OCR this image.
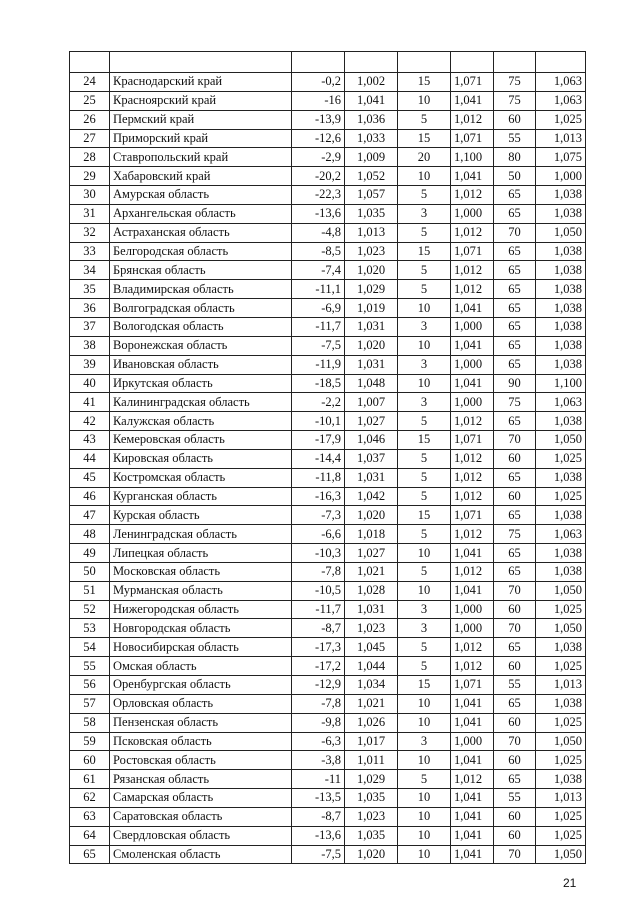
24	Краснодарский край	-0,2	1,002	15	1,071	75	1,063
25	Красноярский край	-16	1,041	10	1,041	75	1,063
26	Пермский край	-13,9	1,036	5	1,012	60	1,025
27	Приморский край	-12,6	1,033	15	1,071	55	1,013
28	Ставропольский край	-2,9	1,009	20	1,100	80	1,075
29	Хабаровский край	-20,2	1,052	10	1,041	50	1,000
30	Амурская область	-22,3	1,057	5	1,012	65	1,038
31	Архангельская область	-13,6	1,035	3	1,000	65	1,038
32	Астраханская область	-4,8	1,013	5	1,012	70	1,050
33	Белгородская область	-8,5	1,023	15	1,071	65	1,038
34	Брянская область	-7,4	1,020	5	1,012	65	1,038
35	Владимирская область	-11,1	1,029	5	1,012	65	1,038
36	Волгоградская область	-6,9	1,019	10	1,041	65	1,038
37	Вологодская область	-11,7	1,031	3	1,000	65	1,038
38	Воронежская область	-7,5	1,020	10	1,041	65	1,038
39	Ивановская область	-11,9	1,031	3	1,000	65	1,038
40	Иркутская область	-18,5	1,048	10	1,041	90	1,100
41	Калининградская область	-2,2	1,007	3	1,000	75	1,063
42	Калужская область	-10,1	1,027	5	1,012	65	1,038
43	Кемеровская область	-17,9	1,046	15	1,071	70	1,050
44	Кировская область	-14,4	1,037	5	1,012	60	1,025
45	Костромская область	-11,8	1,031	5	1,012	65	1,038
46	Курганская область	-16,3	1,042	5	1,012	60	1,025
47	Курская область	-7,3	1,020	15	1,071	65	1,038
48	Ленинградская область	-6,6	1,018	5	1,012	75	1,063
49	Липецкая область	-10,3	1,027	10	1,041	65	1,038
50	Московская область	-7,8	1,021	5	1,012	65	1,038
51	Мурманская область	-10,5	1,028	10	1,041	70	1,050
52	Нижегородская область	-11,7	1,031	3	1,000	60	1,025
53	Новгородская область	-8,7	1,023	3	1,000	70	1,050
54	Новосибирская область	-17,3	1,045	5	1,012	65	1,038
55	Омская область	-17,2	1,044	5	1,012	60	1,025
56	Оренбургская область	-12,9	1,034	15	1,071	55	1,013
57	Орловская область	-7,8	1,021	10	1,041	65	1,038
58	Пензенская область	-9,8	1,026	10	1,041	60	1,025
59	Псковская область	-6,3	1,017	3	1,000	70	1,050
60	Ростовская область	-3,8	1,011	10	1,041	60	1,025
61	Рязанская область	-11	1,029	5	1,012	65	1,038
62	Самарская область	-13,5	1,035	10	1,041	55	1,013
63	Саратовская область	-8,7	1,023	10	1,041	60	1,025
64	Свердловская область	-13,6	1,035	10	1,041	60	1,025
65	Смоленская область	-7,5	1,020	10	1,041	70	1,050
21
